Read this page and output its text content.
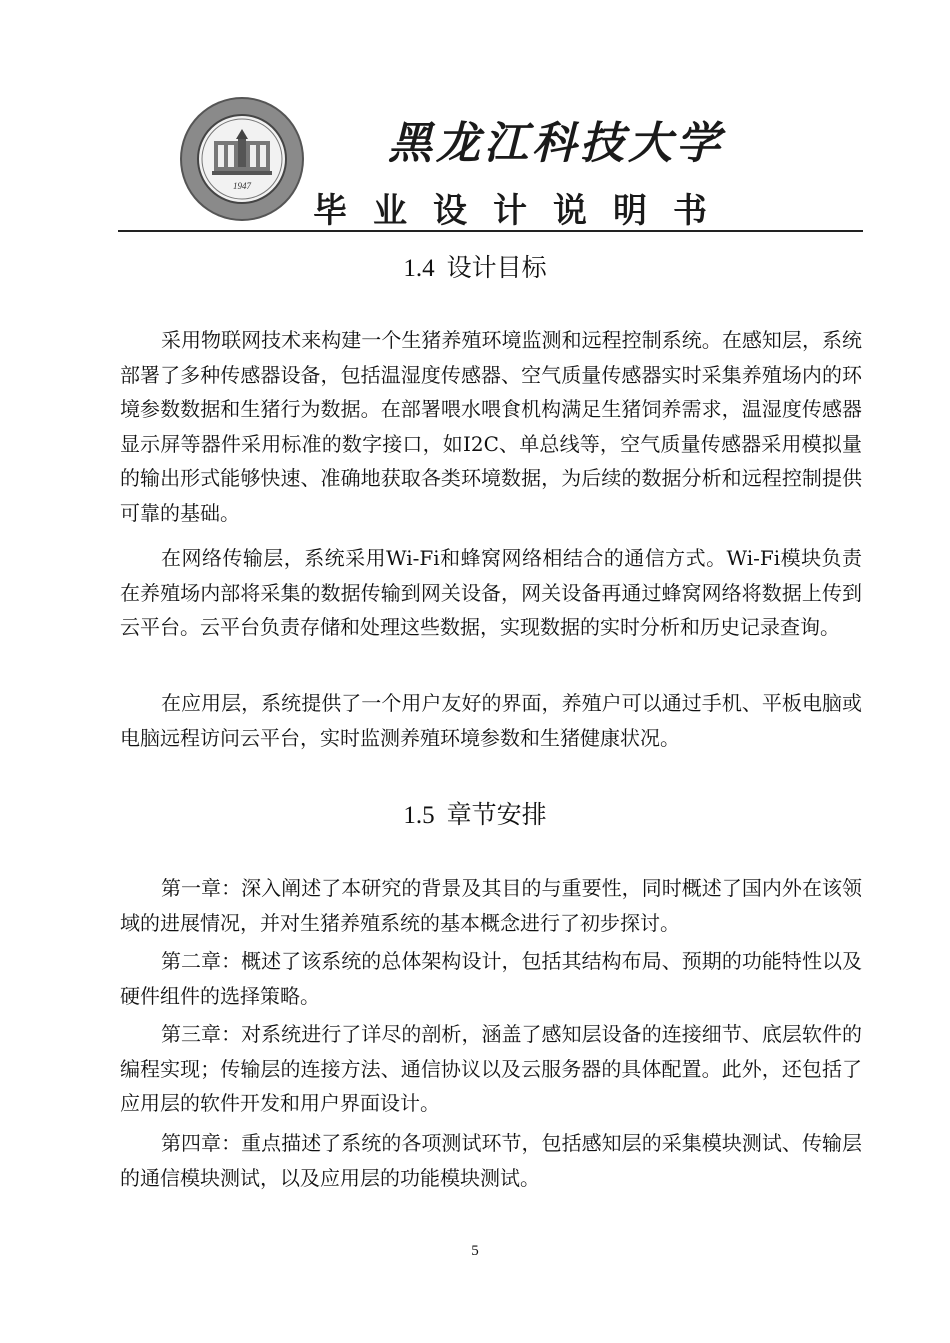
1947
黑龙江科技大学
毕业设计说明书
1.4 设计目标

采用物联网技术来构建一个生猪养殖环境监测和远程控制系统。在感知层，系统部署了多种传感器设备，包括温湿度传感器、空气质量传感器实时采集养殖场内的环境参数数据和生猪行为数据。在部署喂水喂食机构满足生猪饲养需求，温湿度传感器显示屏等器件采用标准的数字接口，如I2C、单总线等，空气质量传感器采用模拟量的输出形式能够快速、准确地获取各类环境数据，为后续的数据分析和远程控制提供可靠的基础。

在网络传输层，系统采用Wi-Fi和蜂窝网络相结合的通信方式。Wi-Fi模块负责在养殖场内部将采集的数据传输到网关设备，网关设备再通过蜂窝网络将数据上传到云平台。云平台负责存储和处理这些数据，实现数据的实时分析和历史记录查询。

在应用层，系统提供了一个用户友好的界面，养殖户可以通过手机、平板电脑或电脑远程访问云平台，实时监测养殖环境参数和生猪健康状况。

1.5 章节安排

第一章：深入阐述了本研究的背景及其目的与重要性，同时概述了国内外在该领域的进展情况，并对生猪养殖系统的基本概念进行了初步探讨。

第二章：概述了该系统的总体架构设计，包括其结构布局、预期的功能特性以及硬件组件的选择策略。

第三章：对系统进行了详尽的剖析，涵盖了感知层设备的连接细节、底层软件的编程实现；传输层的连接方法、通信协议以及云服务器的具体配置。此外，还包括了应用层的软件开发和用户界面设计。

第四章：重点描述了系统的各项测试环节，包括感知层的采集模块测试、传输层的通信模块测试，以及应用层的功能模块测试。

5
